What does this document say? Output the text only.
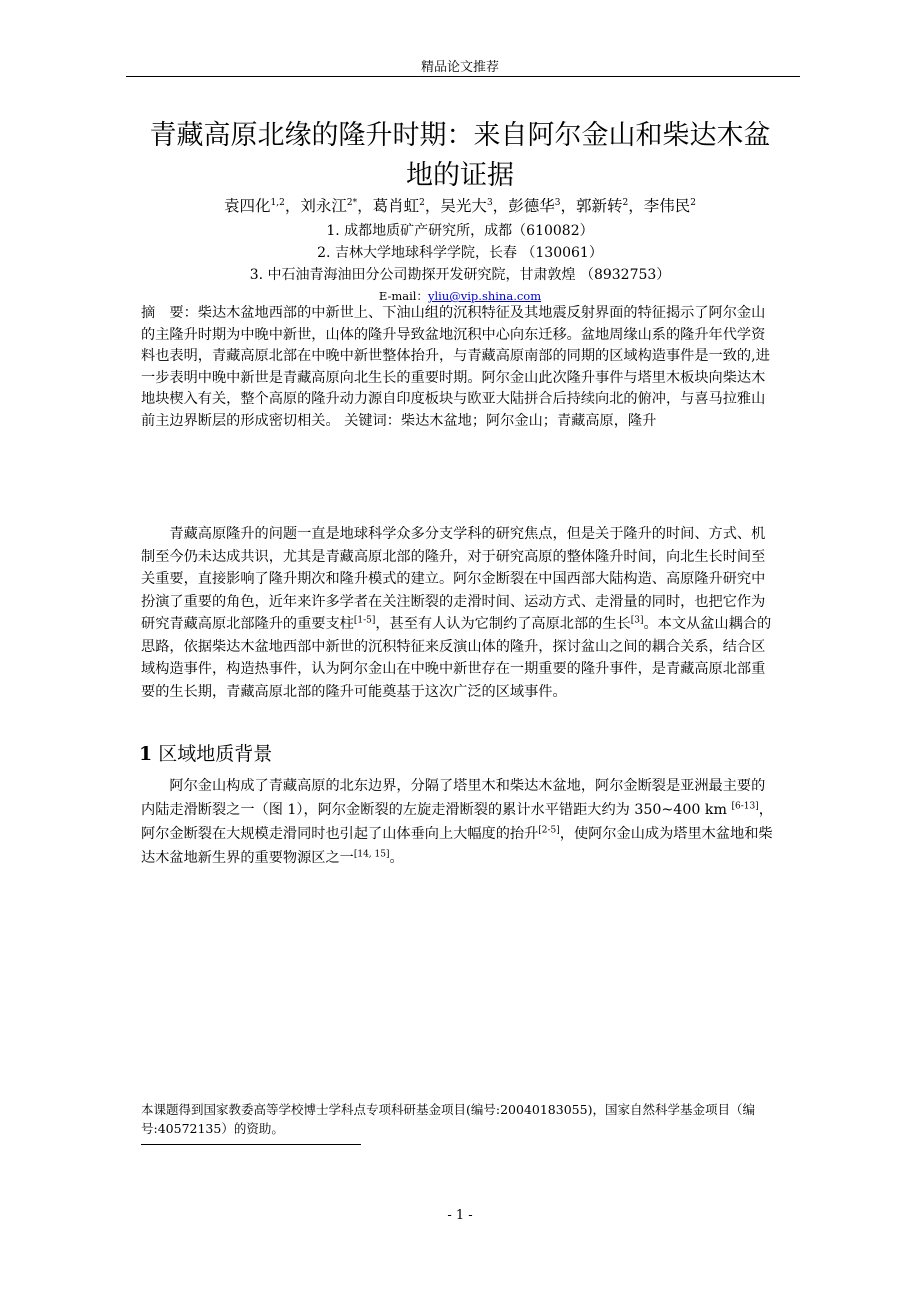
精品论文推荐
青藏高原北缘的隆升时期：来自阿尔金山和柴达木盆
地的证据
袁四化$^{1,2}$，刘永江$^{2*}$，葛肖虹$^2$，吴光大$^3$，彭德华$^3$，郭新转$^2$，李伟民$^2$
1. 成都地质矿产研究所，成都（610082）
2. 吉林大学地球科学学院，长春 （130061）
3. 中石油青海油田分公司勘探开发研究院，甘肃敦煌 （8932753）
E-mail：yliu@vip.shina.com
摘　要：柴达木盆地西部的中新世上、下油山组的沉积特征及其地震反射界面的特征揭示了阿尔金山的主隆升时期为中晚中新世，山体的隆升导致盆地沉积中心向东迁移。盆地周缘山系的隆升年代学资料也表明，青藏高原北部在中晚中新世整体抬升，与青藏高原南部的同期的区域构造事件是一致的,进一步表明中晚中新世是青藏高原向北生长的重要时期。阿尔金山此次隆升事件与塔里木板块向柴达木地块楔入有关，整个高原的隆升动力源自印度板块与欧亚大陆拼合后持续向北的俯冲，与喜马拉雅山前主边界断层的形成密切相关。 关键词：柴达木盆地；阿尔金山；青藏高原，隆升
青藏高原隆升的问题一直是地球科学众多分支学科的研究焦点，但是关于隆升的时间、方式、机制至今仍未达成共识，尤其是青藏高原北部的隆升，对于研究高原的整体隆升时间，向北生长时间至关重要，直接影响了隆升期次和隆升模式的建立。阿尔金断裂在中国西部大陆构造、高原隆升研究中扮演了重要的角色，近年来许多学者在关注断裂的走滑时间、运动方式、走滑量的同时，也把它作为研究青藏高原北部隆升的重要支柱[1-5]，甚至有人认为它制约了高原北部的生长[3]。本文从盆山耦合的思路，依据柴达木盆地西部中新世的沉积特征来反演山体的隆升，探讨盆山之间的耦合关系，结合区域构造事件，构造热事件，认为阿尔金山在中晚中新世存在一期重要的隆升事件，是青藏高原北部重要的生长期，青藏高原北部的隆升可能奠基于这次广泛的区域事件。
1 区域地质背景
阿尔金山构成了青藏高原的北东边界，分隔了塔里木和柴达木盆地，阿尔金断裂是亚洲最主要的内陆走滑断裂之一（图 1），阿尔金断裂的左旋走滑断裂的累计水平错距大约为 350~400 km [6-13]，阿尔金断裂在大规模走滑同时也引起了山体垂向上大幅度的抬升[2-5]，使阿尔金山成为塔里木盆地和柴达木盆地新生界的重要物源区之一[14, 15]。
本课题得到国家教委高等学校博士学科点专项科研基金项目(编号:20040183055)，国家自然科学基金项目（编号:40572135）的资助。
- 1 -
